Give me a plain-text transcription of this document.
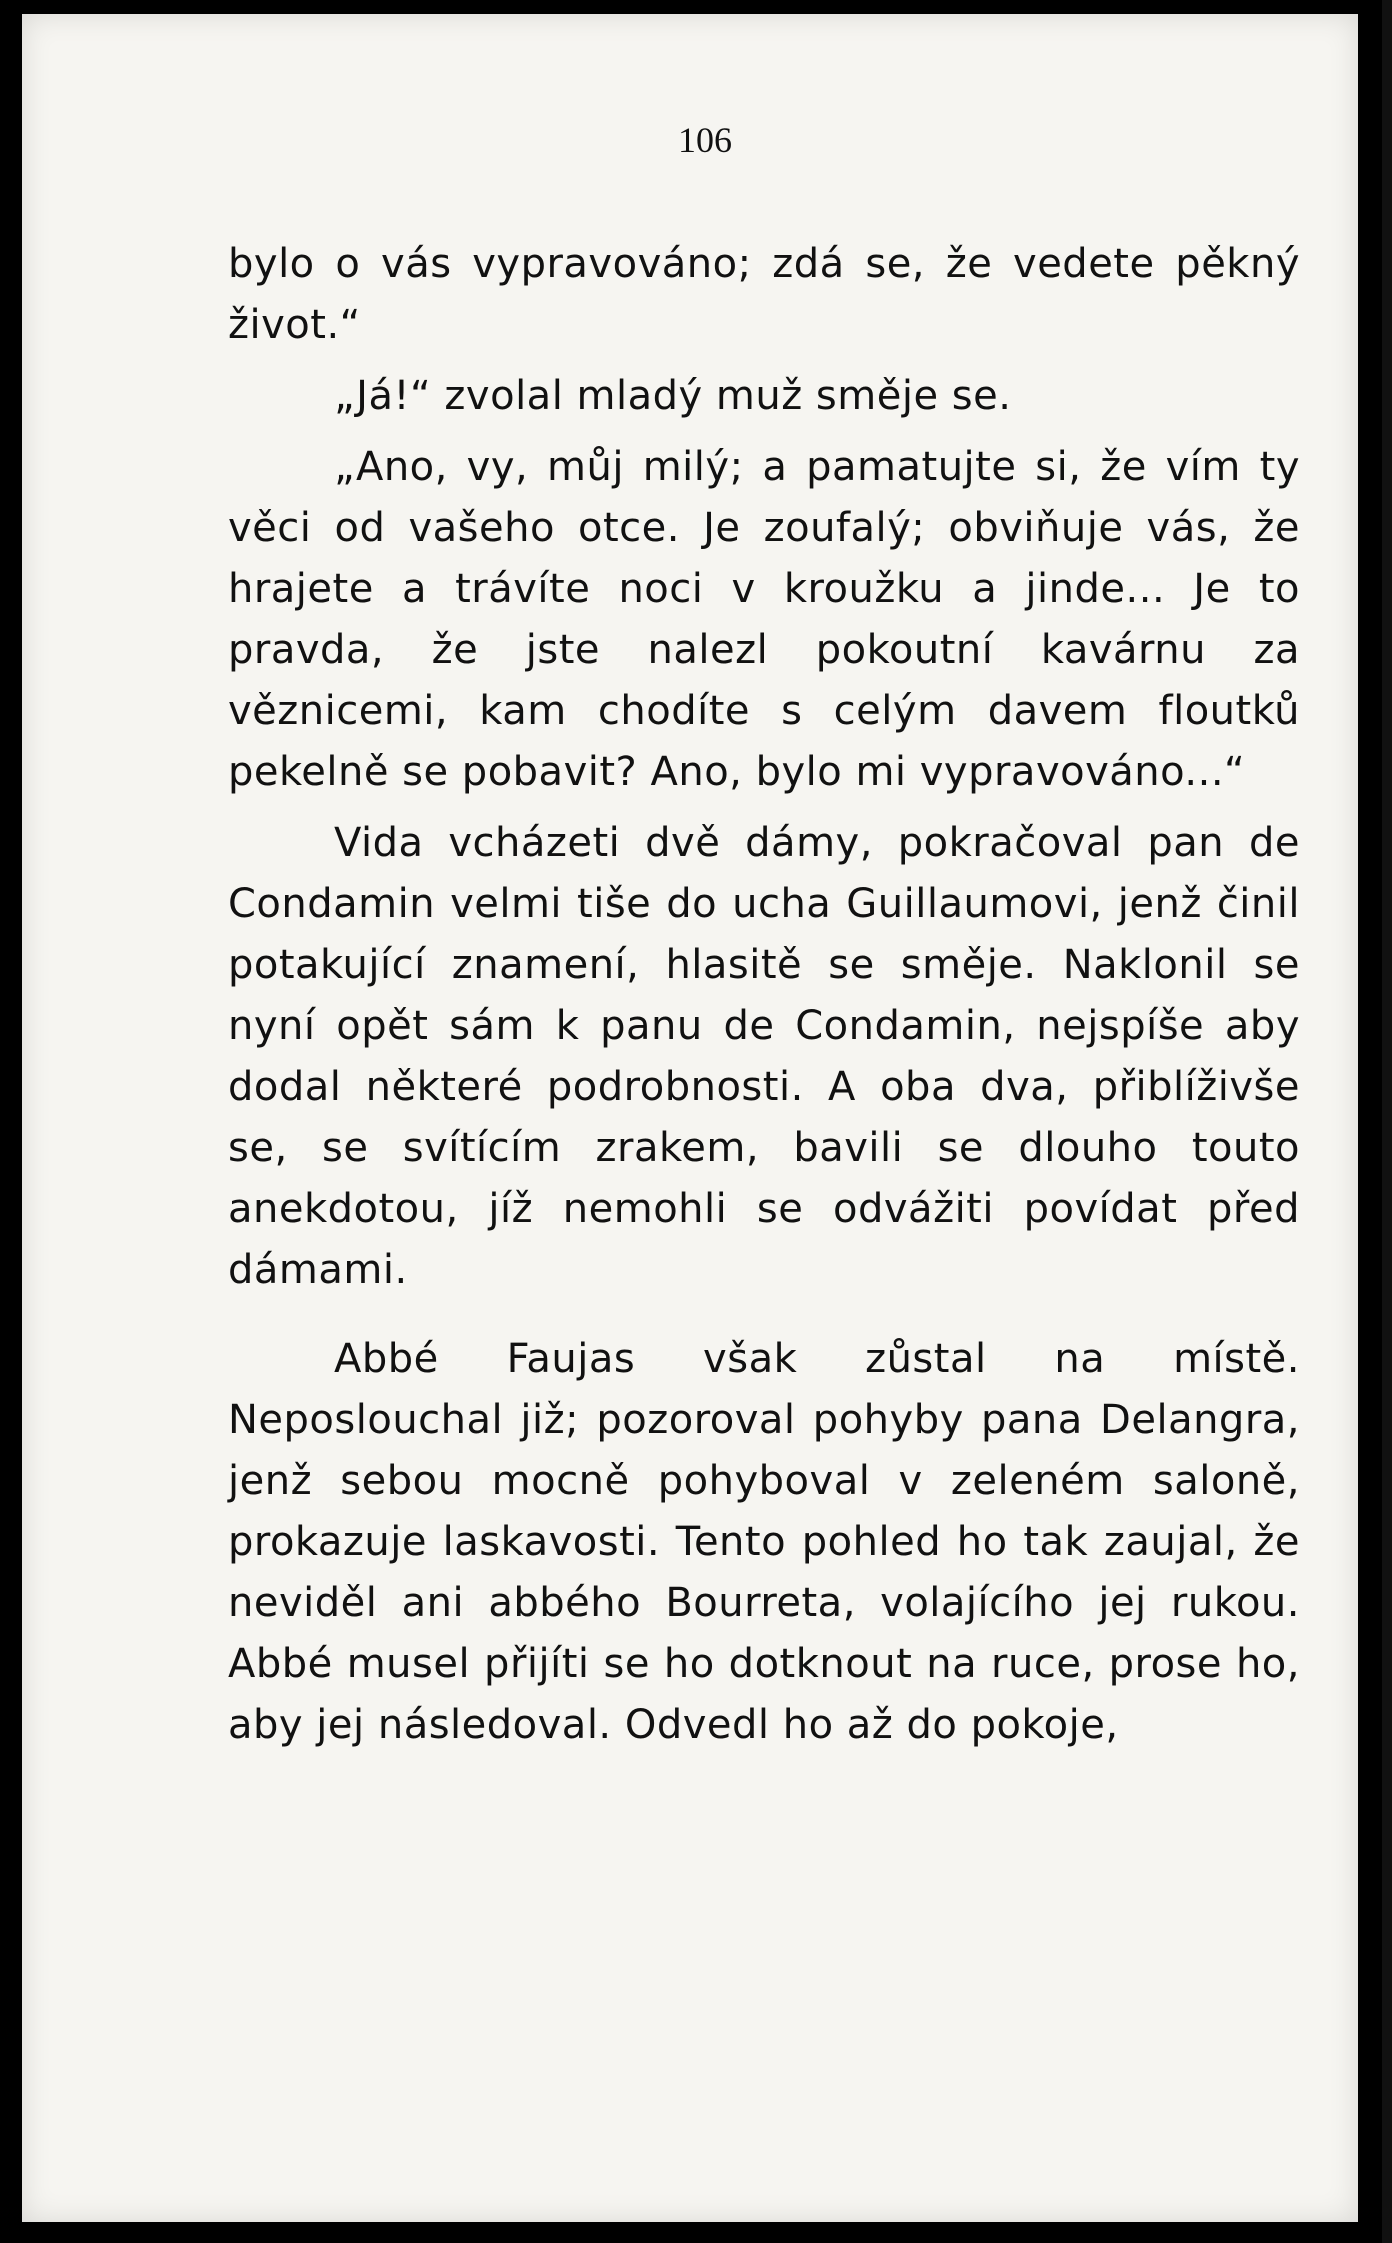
106

bylo o vás vypravováno; zdá se, že vedete pěkný život.“

„Já!“ zvolal mladý muž směje se.

„Ano, vy, můj milý; a pamatujte si, že vím ty věci od vašeho otce. Je zoufalý; obviňuje vás, že hrajete a trávíte noci v kroužku a jinde... Je to pravda, že jste nalezl pokoutní kavárnu za věznicemi, kam chodíte s celým davem floutků pekelně se pobavit? Ano, bylo mi vypravováno...“

Vida vcházeti dvě dámy, pokračoval pan de Condamin velmi tiše do ucha Guillaumovi, jenž činil potakující znamení, hlasitě se směje. Naklonil se nyní opět sám k panu de Condamin, nejspíše aby dodal některé podrobnosti. A oba dva, přiblíživše se, se svítícím zrakem, bavili se dlouho touto anekdotou, jíž nemohli se odvážiti povídat před dámami.

Abbé Faujas však zůstal na místě. Neposlouchal již; pozoroval pohyby pana Delangra, jenž sebou mocně pohyboval v zeleném saloně, prokazuje laskavosti. Tento pohled ho tak zaujal, že neviděl ani abbého Bourreta, volajícího jej rukou. Abbé musel přijíti se ho dotknout na ruce, prose ho, aby jej následoval. Odvedl ho až do pokoje,
